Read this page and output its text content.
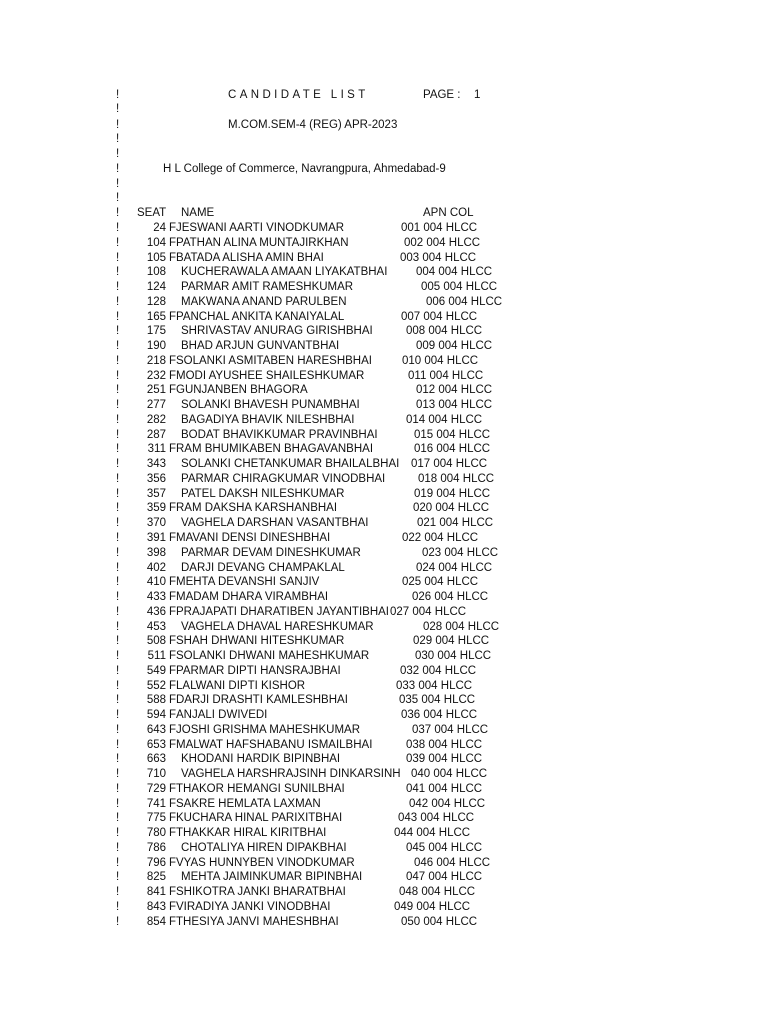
!	CANDIDATE LIST	PAGE : 1
!
!	M.COM.SEM-4 (REG) APR-2023
!
!
!	H L College of Commerce, Navrangpura, Ahmedabad-9
!
!
! SEAT NAME	APN COL
!	24 F JESWANI AARTI VINODKUMAR	001 004 HLCC
!	104 F PATHAN ALINA MUNTAJIRKHAN	002 004 HLCC
!	105 F BATADA ALISHA AMIN BHAI	003 004 HLCC
!	108 KUCHERAWALA AMAAN LIYAKATBHAI 004 004 HLCC
!	124 PARMAR AMIT RAMESHKUMAR	005 004 HLCC
!	128 MAKWANA ANAND PARULBEN	006 004 HLCC
!	165 F PANCHAL ANKITA KANAIYALAL	007 004 HLCC
!	175 SHRIVASTAV ANURAG GIRISHBHAI	008 004 HLCC
!	190 BHAD ARJUN GUNVANTBHAI	009 004 HLCC
!	218 F SOLANKI ASMITABEN HARESHBHAI	010 004 HLCC
!	232 F MODI AYUSHEE SHAILESHKUMAR	011 004 HLCC
!	251 F GUNJANBEN BHAGORA	012 004 HLCC
!	277 SOLANKI BHAVESH PUNAMBHAI	013 004 HLCC
!	282 BAGADIYA BHAVIK NILESHBHAI	014 004 HLCC
!	287 BODAT BHAVIKKUMAR PRAVINBHAI	015 004 HLCC
!	311 F RAM BHUMIKABEN BHAGAVANBHAI	016 004 HLCC
!	343 SOLANKI CHETANKUMAR BHAILALBHAI 017 004 HLCC
!	356 PARMAR CHIRAGKUMAR VINODBHAI	018 004 HLCC
!	357 PATEL DAKSH NILESHKUMAR	019 004 HLCC
!	359 F RAM DAKSHA KARSHANBHAI	020 004 HLCC
!	370 VAGHELA DARSHAN VASANTBHAI	021 004 HLCC
!	391 F MAVANI DENSI DINESHBHAI	022 004 HLCC
!	398 PARMAR DEVAM DINESHKUMAR	023 004 HLCC
!	402 DARJI DEVANG CHAMPAKLAL	024 004 HLCC
!	410 F MEHTA DEVANSHI SANJIV	025 004 HLCC
!	433 F MADAM DHARA VIRAMBHAI	026 004 HLCC
!	436 F PRAJAPATI DHARATIBEN JAYANTIBHAI 027 004 HLCC
!	453 VAGHELA DHAVAL HARESHKUMAR	028 004 HLCC
!	508 F SHAH DHWANI HITESHKUMAR	029 004 HLCC
!	511 F SOLANKI DHWANI MAHESHKUMAR	030 004 HLCC
!	549 F PARMAR DIPTI HANSRAJBHAI	032 004 HLCC
!	552 F LALWANI DIPTI KISHOR	033 004 HLCC
!	588 F DARJI DRASHTI KAMLESHBHAI	035 004 HLCC
!	594 F ANJALI DWIVEDI	036 004 HLCC
!	643 F JOSHI GRISHMA MAHESHKUMAR	037 004 HLCC
!	653 F MALWAT HAFSHABANU ISMAILBHAI	038 004 HLCC
!	663 KHODANI HARDIK BIPINBHAI	039 004 HLCC
!	710 VAGHELA HARSHRAJSINH DINKARSINH 040 004 HLCC
!	729 F THAKOR HEMANGI SUNILBHAI	041 004 HLCC
!	741 F SAKRE HEMLATA LAXMAN	042 004 HLCC
!	775 F KUCHARA HINAL PARIXITBHAI	043 004 HLCC
!	780 F THAKKAR HIRAL KIRITBHAI	044 004 HLCC
!	786 CHOTALIYA HIREN DIPAKBHAI	045 004 HLCC
!	796 F VYAS HUNNYBEN VINODKUMAR	046 004 HLCC
!	825 MEHTA JAIMINKUMAR BIPINBHAI	047 004 HLCC
!	841 F SHIKOTRA JANKI BHARATBHAI	048 004 HLCC
!	843 F VIRADIYA JANKI VINODBHAI	049 004 HLCC
!	854 F THESIYA JANVI MAHESHBHAI	050 004 HLCC
